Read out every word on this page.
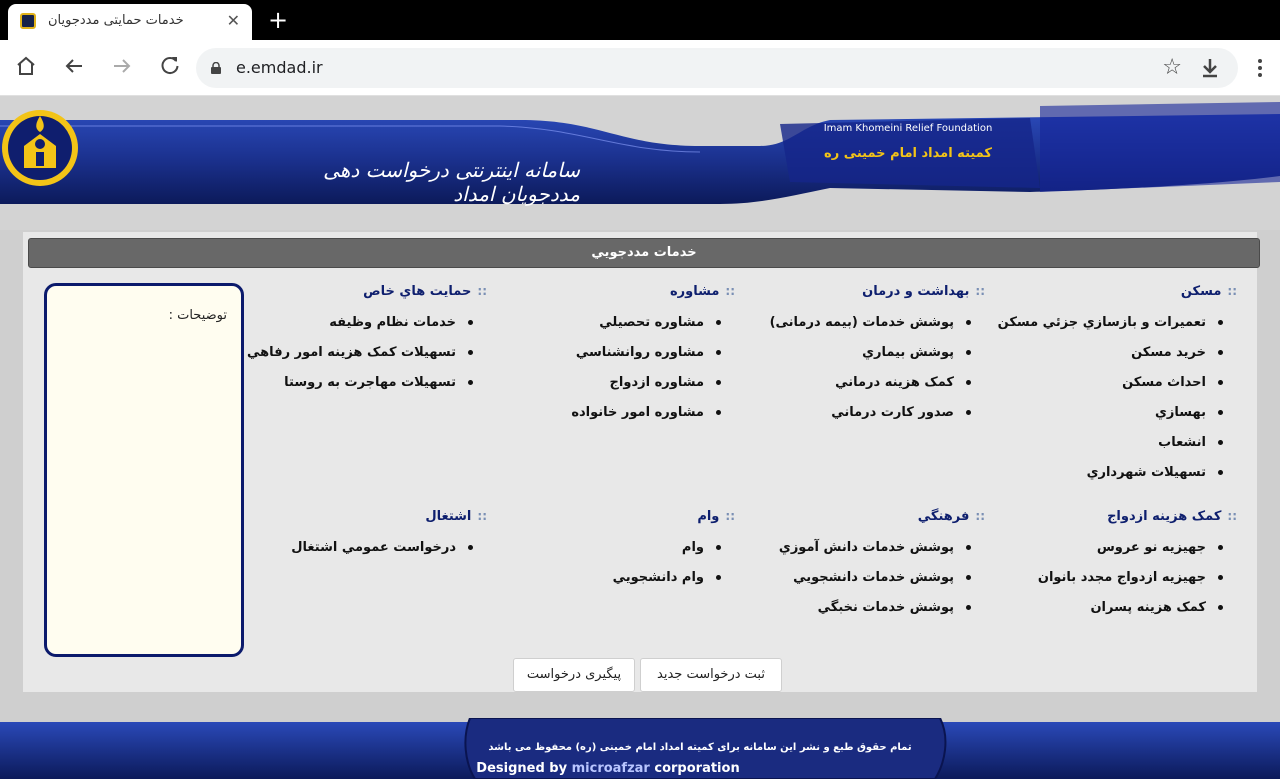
خدمات حمایتی مددجویان	✕ +
e.emdad.ir	☆
سامانه اینترنتی درخواست دهی مددجویان امداد
Imam Khomeini Relief Foundation
کمیته امداد امام خمینی ره
خدمات مددجويي
::مسکن
تعميرات و بازسازي جزئي مسكن
خريد مسكن
احداث مسكن
بهسازي
انشعاب
تسهيلات شهرداري
::بهداشت و درمان
پوشش خدمات (بیمه درمانی)
پوشش بيماري
کمک هزینه درماني
صدور کارت درماني
::مشاوره
مشاوره تحصيلي
مشاوره روانشناسي
مشاوره ازدواج
مشاوره امور خانواده
::حمايت هاي خاص
خدمات نظام وظيفه
تسهيلات کمک هزينه امور رفاهي
تسهيلات مهاجرت به روستا
::کمک هزينه ازدواج
جهيزيه نو عروس
جهيزيه ازدواج مجدد بانوان
کمک هزينه پسران
::فرهنگي
پوشش خدمات دانش آموزي
پوشش خدمات دانشجويي
پوشش خدمات نخبگي
::وام
وام
وام دانشجويي
::اشتغال
درخواست عمومي اشتغال
توضيحات :
ثبت درخواست جديد
پيگيری درخواست
تمام حقوق طبع و نشر این سامانه برای کمیته امداد امام خمینی (ره) محفوظ می باشد
Designed by microafzar corporation
